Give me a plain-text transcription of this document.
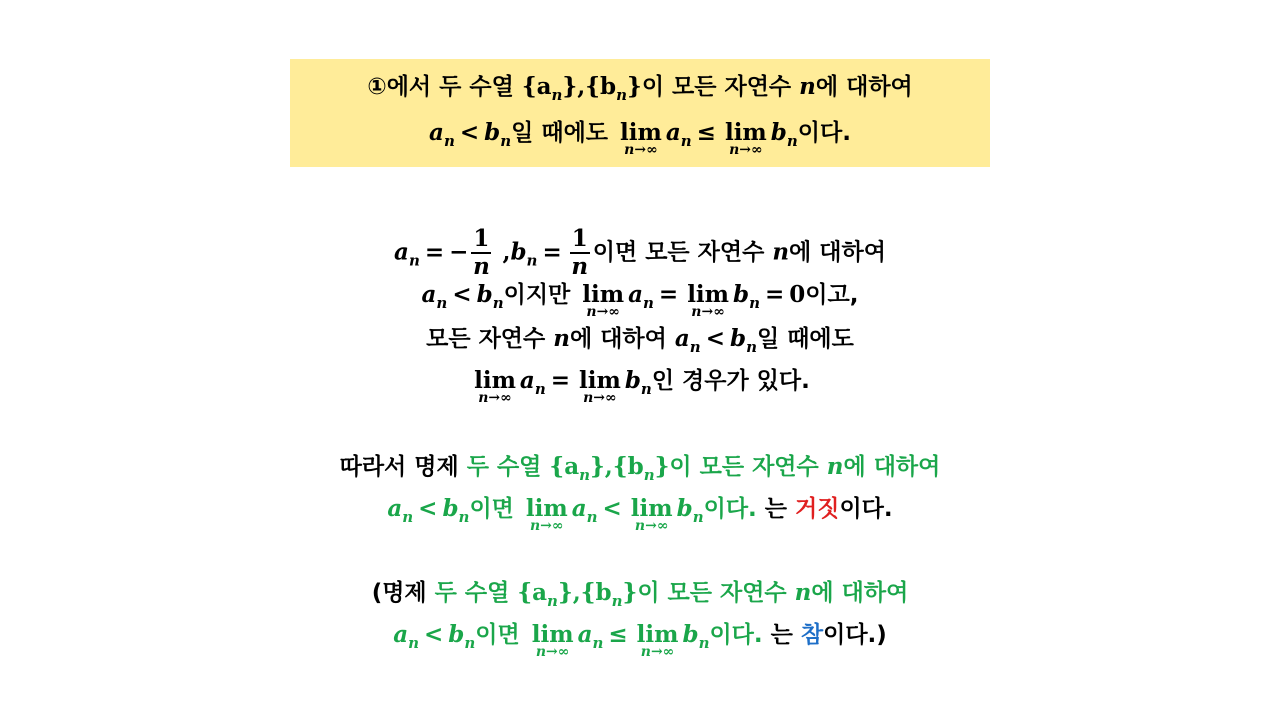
①에서 두 수열 $\{a_n\},\{b_n\}$이 모든 자연수 n에 대하여
$a_n < b_n$일 때에도 lim
n→∞
$a_n \le \lim$
n→∞
$b_n$이다.
$a_n$ = − $\frac{1}{n} ,b_n = \frac{1}{n}$ 이면 모든 자연수 n에 대하여
$a_n < b_n$이지만 lim
n→∞
$a_n = \lim$
n→∞
$b_n = 0$이고,
모든 자연수 n에 대하여 $a_n < b_n$일 때에도
lim
n→∞
$a_n = \lim$
n→∞
$b_n$인 경우가 있다.
따라서 명제 두 수열 $\{a_n\},\{b_n\}$이 모든 자연수 n에 대하여
$a_n < b_n$이면 lim
n→∞
$a_n < \lim$
n→∞
$b_n$이다. 는 거짓이다.
(명제 두 수열 $\{a_n\},\{b_n\}$이 모든 자연수 n에 대하여
$a_n < b_n$이면 lim
n→∞
$a_n \le \lim$
n→∞
$b_n$이다. 는 참이다.)
